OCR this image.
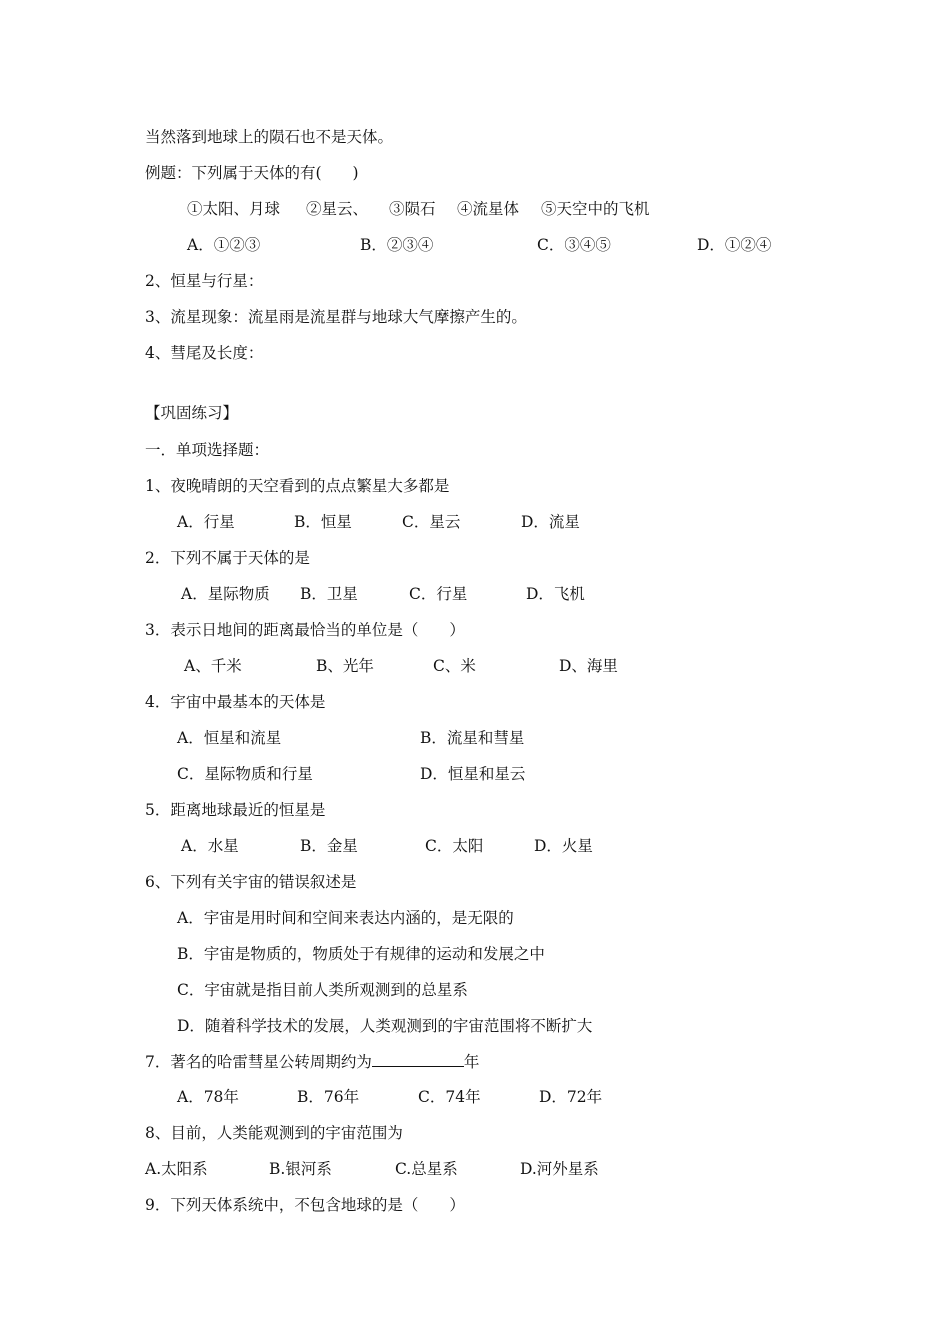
当然落到地球上的陨石也不是天体。
例题：下列属于天体的有(　　)
①太阳、月球 ②星云、 ③陨石 ④流星体 ⑤天空中的飞机
A．①②③	B．②③④	C．③④⑤	D．①②④
2、恒星与行星：
3、流星现象：流星雨是流星群与地球大气摩擦产生的。
4、彗尾及长度：
【巩固练习】
一．单项选择题：
1、夜晚晴朗的天空看到的点点繁星大多都是
A．行星	B．恒星	C．星云	D．流星
2．下列不属于天体的是
A．星际物质 B．卫星	C．行星	D．飞机
3．表示日地间的距离最恰当的单位是（　　）
A、千米	B、光年	C、米	D、海里
4．宇宙中最基本的天体是
A．恒星和流星	B．流星和彗星
C．星际物质和行星	D．恒星和星云
5．距离地球最近的恒星是
A．水星	B．金星	C．太阳	D．火星
6、下列有关宇宙的错误叙述是
A．宇宙是用时间和空间来表达内涵的，是无限的
B．宇宙是物质的，物质处于有规律的运动和发展之中
C．宇宙就是指目前人类所观测到的总星系
D．随着科学技术的发展，人类观测到的宇宙范围将不断扩大
7．著名的哈雷彗星公转周期约为	年
A．78年	B．76年	C．74年	D．72年
8、目前，人类能观测到的宇宙范围为
A.太阳系	B.银河系	C.总星系	D.河外星系
9．下列天体系统中，不包含地球的是（　　）
